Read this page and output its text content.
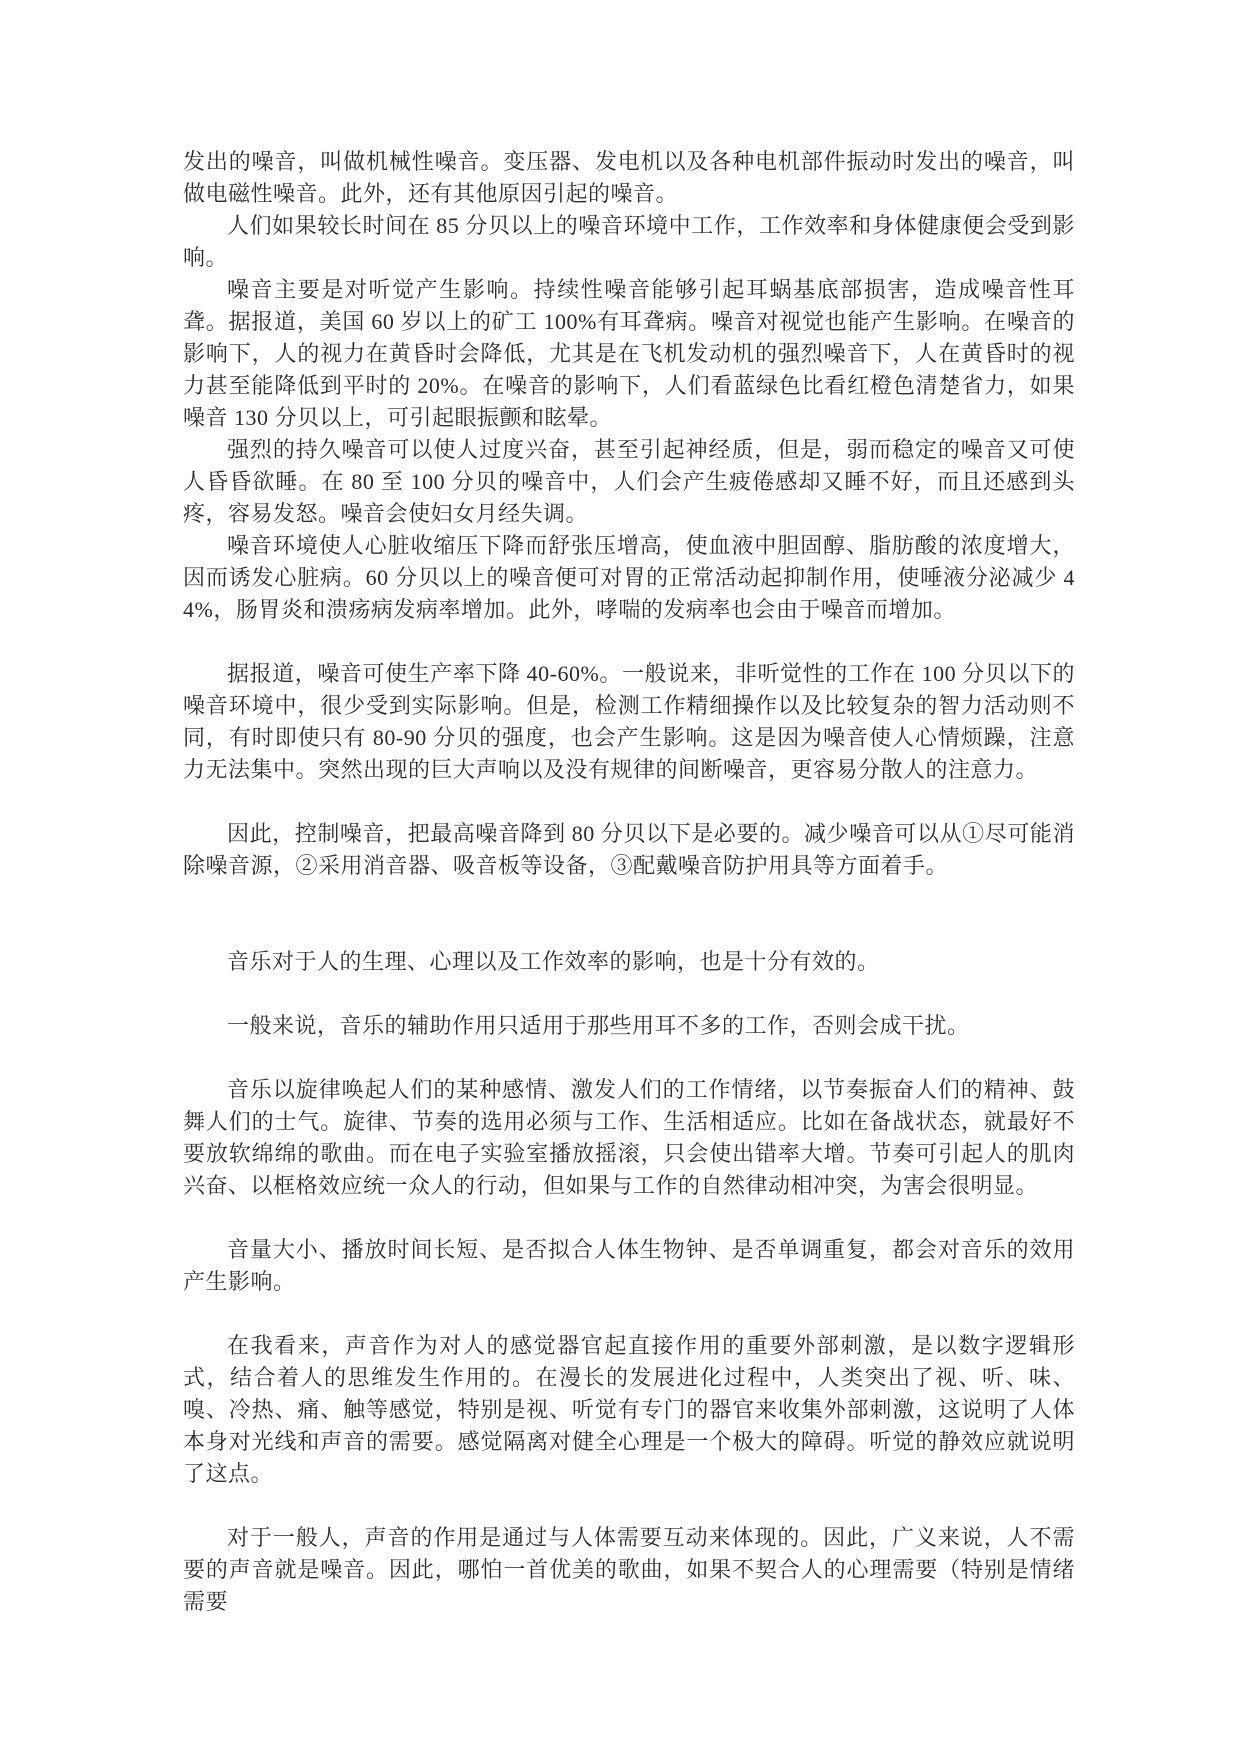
发出的噪音，叫做机械性噪音。变压器、发电机以及各种电机部件振动时发出的噪音，叫做电磁性噪音。此外，还有其他原因引起的噪音。

人们如果较长时间在 85 分贝以上的噪音环境中工作，工作效率和身体健康便会受到影响。

噪音主要是对听觉产生影响。持续性噪音能够引起耳蜗基底部损害，造成噪音性耳聋。据报道，美国 60 岁以上的矿工 100%有耳聋病。噪音对视觉也能产生影响。在噪音的影响下，人的视力在黄昏时会降低，尤其是在飞机发动机的强烈噪音下，人在黄昏时的视力甚至能降低到平时的 20%。在噪音的影响下，人们看蓝绿色比看红橙色清楚省力，如果噪音 130 分贝以上，可引起眼振颤和眩晕。

强烈的持久噪音可以使人过度兴奋，甚至引起神经质，但是，弱而稳定的噪音又可使人昏昏欲睡。在 80 至 100 分贝的噪音中，人们会产生疲倦感却又睡不好，而且还感到头疼，容易发怒。噪音会使妇女月经失调。

噪音环境使人心脏收缩压下降而舒张压增高，使血液中胆固醇、脂肪酸的浓度增大，因而诱发心脏病。60 分贝以上的噪音便可对胃的正常活动起抑制作用，使唾液分泌减少 44%，肠胃炎和溃疡病发病率增加。此外，哮喘的发病率也会由于噪音而增加。

据报道，噪音可使生产率下降 40-60%。一般说来，非听觉性的工作在 100 分贝以下的噪音环境中，很少受到实际影响。但是，检测工作精细操作以及比较复杂的智力活动则不同，有时即使只有 80-90 分贝的强度，也会产生影响。这是因为噪音使人心情烦躁，注意力无法集中。突然出现的巨大声响以及没有规律的间断噪音，更容易分散人的注意力。

因此，控制噪音，把最高噪音降到 80 分贝以下是必要的。减少噪音可以从①尽可能消除噪音源，②采用消音器、吸音板等设备，③配戴噪音防护用具等方面着手。

音乐对于人的生理、心理以及工作效率的影响，也是十分有效的。

一般来说，音乐的辅助作用只适用于那些用耳不多的工作，否则会成干扰。

音乐以旋律唤起人们的某种感情、激发人们的工作情绪，以节奏振奋人们的精神、鼓舞人们的士气。旋律、节奏的选用必须与工作、生活相适应。比如在备战状态，就最好不要放软绵绵的歌曲。而在电子实验室播放摇滚，只会使出错率大增。节奏可引起人的肌肉兴奋、以框格效应统一众人的行动，但如果与工作的自然律动相冲突，为害会很明显。

音量大小、播放时间长短、是否拟合人体生物钟、是否单调重复，都会对音乐的效用产生影响。

在我看来，声音作为对人的感觉器官起直接作用的重要外部刺激，是以数字逻辑形式，结合着人的思维发生作用的。在漫长的发展进化过程中，人类突出了视、听、味、嗅、冷热、痛、触等感觉，特别是视、听觉有专门的器官来收集外部刺激，这说明了人体本身对光线和声音的需要。感觉隔离对健全心理是一个极大的障碍。听觉的静效应就说明了这点。

对于一般人，声音的作用是通过与人体需要互动来体现的。因此，广义来说，人不需要的声音就是噪音。因此，哪怕一首优美的歌曲，如果不契合人的心理需要（特别是情绪需要
